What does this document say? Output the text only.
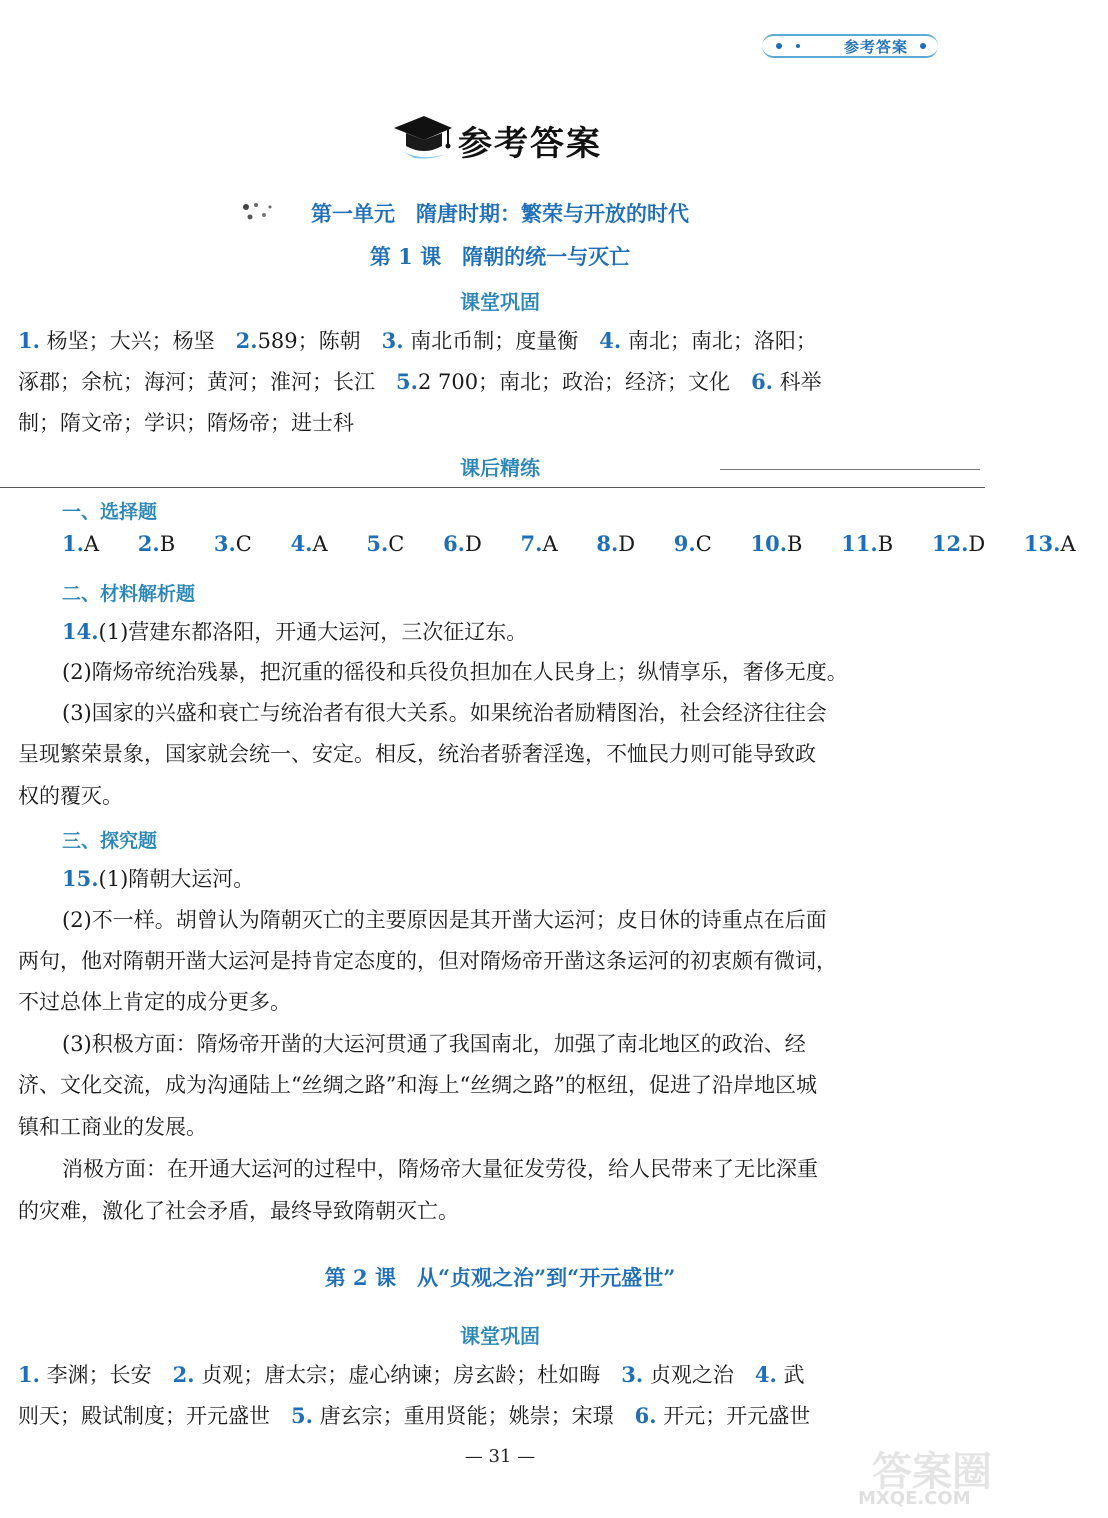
参考答案
参考答案
第一单元　隋唐时期：繁荣与开放的时代
第 1 课　隋朝的统一与灭亡
课堂巩固
1. 杨坚；大兴；杨坚　2.589；陈朝　3. 南北币制；度量衡　4. 南北；南北；洛阳；
涿郡；余杭；海河；黄河；淮河；长江　5.2 700；南北；政治；经济；文化　6. 科举
制；隋文帝；学识；隋炀帝；进士科
课后精练
一、选择题
1.A 2.B 3.C 4.A 5.C 6.D 7.A 8.D 9.C 10.B 11.B 12.D 13.A
二、材料解析题
14.(1)营建东都洛阳，开通大运河，三次征辽东。
(2)隋炀帝统治残暴，把沉重的徭役和兵役负担加在人民身上；纵情享乐，奢侈无度。
(3)国家的兴盛和衰亡与统治者有很大关系。如果统治者励精图治，社会经济往往会
呈现繁荣景象，国家就会统一、安定。相反，统治者骄奢淫逸，不恤民力则可能导致政
权的覆灭。
三、探究题
15.(1)隋朝大运河。
(2)不一样。胡曾认为隋朝灭亡的主要原因是其开凿大运河；皮日休的诗重点在后面
两句，他对隋朝开凿大运河是持肯定态度的，但对隋炀帝开凿这条运河的初衷颇有微词，
不过总体上肯定的成分更多。
(3)积极方面：隋炀帝开凿的大运河贯通了我国南北，加强了南北地区的政治、经
济、文化交流，成为沟通陆上“丝绸之路”和海上“丝绸之路”的枢纽，促进了沿岸地区城
镇和工商业的发展。
消极方面：在开通大运河的过程中，隋炀帝大量征发劳役，给人民带来了无比深重
的灾难，激化了社会矛盾，最终导致隋朝灭亡。
第 2 课　从“贞观之治”到“开元盛世”
课堂巩固
1. 李渊；长安　2. 贞观；唐太宗；虚心纳谏；房玄龄；杜如晦　3. 贞观之治　4. 武
则天；殿试制度；开元盛世　5. 唐玄宗；重用贤能；姚崇；宋璟　6. 开元；开元盛世
— 31 —	答案圈
MXQE.COM
